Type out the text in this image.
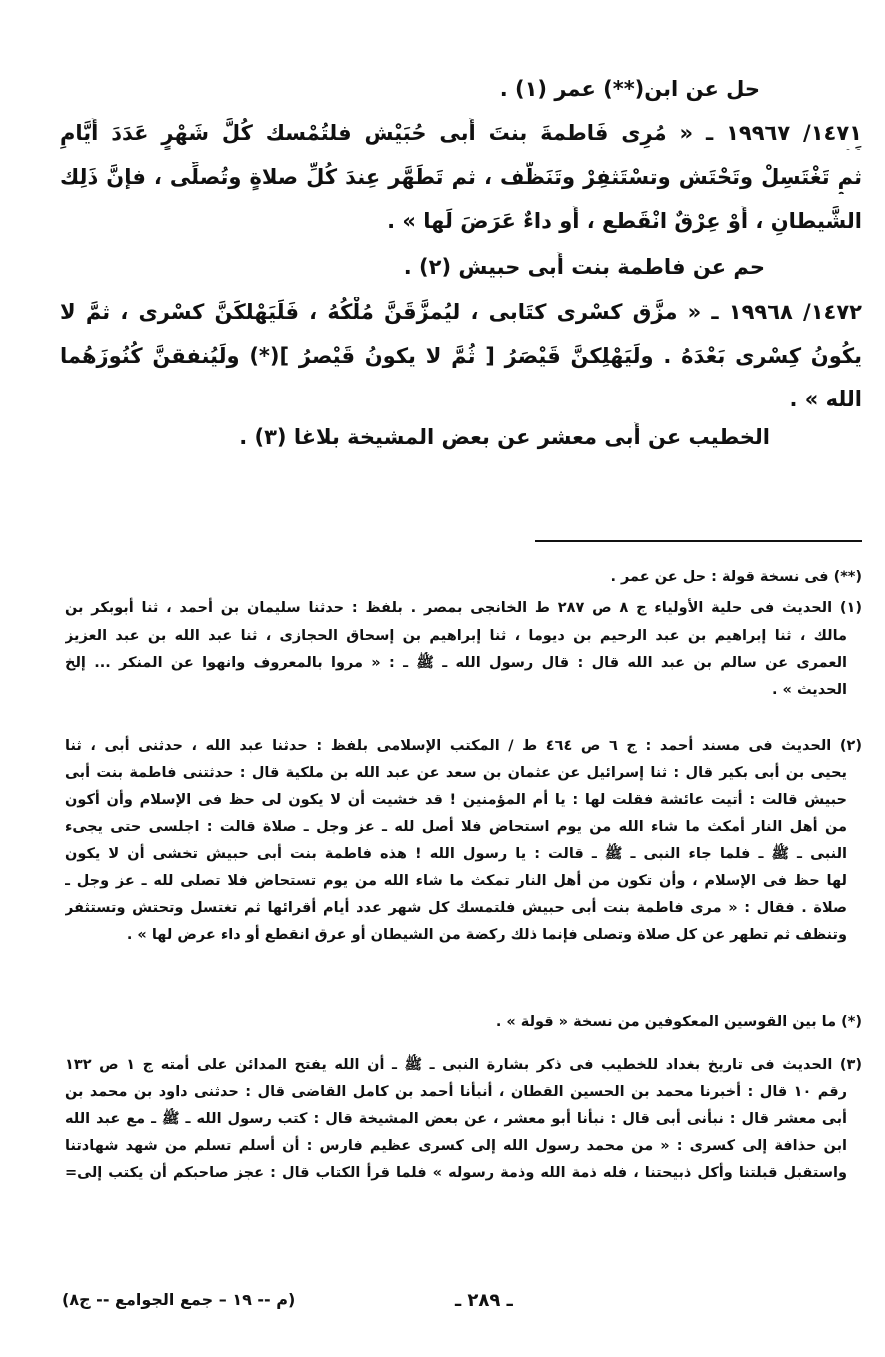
حل عن ابن(**) عمر (١) .
١٤٧١/ ١٩٩٦٧ ـ « مُرِى فَاطمةَ بنتَ أَبى حُبَيْش فلتُمْسك كُلَّ شَهْرٍ عَدَدَ أَيَّامِ
ثم تَغْتَسِلْ وتَحْتَش وتسْتَثفِرْ وتَنَظَّف ، ثم تَطَهَّر عِندَ كُلِّ صلاةٍ وتُصلِّى ، فإنَّ ذَلِك
الشَّيطانِ ، أَوْ عِرْقٌ انْقَطع ، أَو داءٌ عَرَضَ لَها » .
حم عن فاطمة بنت أَبى حبيش (٢) .
١٤٧٢/ ١٩٩٦٨ ـ « مزَّق كسْرى كتَابى ، ليُمزَّقَنَّ مُلْكُهُ ، فَلَيَهْلكَنَّ كسْرى ، ثمَّ لا
يكُونُ كِسْرى بَعْدَهُ . ولَيَهْلِكنَّ قَيْصَرُ [ ثُمَّ لا يكونُ قَيْصرُ ](*) ولَيُنفقنَّ كُنُوزَهُما
الله » .
الخطيب عن أَبى معشر عن بعض المشيخة بلاغا (٣) .
(**) فى نسخة قولة : حل عن عمر .
(١) الحديث فى حلية الأولياء ج ٨ ص ٢٨٧ ط الخانجى بمصر . بلفظ : حدثنا سليمان بن أحمد ، ثنا أبوبكر بن
مالك ، ثنا إبراهيم بن عبد الرحيم بن ديوما ، ثنا إبراهيم بن إسحاق الحجازى ، ثنا عبد الله بن عبد العزيز
العمرى عن سالم بن عبد الله قال : قال رسول الله ـ ﷺ ـ : « مروا بالمعروف وانهوا عن المنكر ... إلخ
الحديث » .
(٢) الحديث فى مسند أحمد : ج ٦ ص ٤٦٤ ط / المكتب الإسلامى بلفظ : حدثنا عبد الله ، حدثنى أبى ، ثنا
يحيى بن أبى بكير قال : ثنا إسرائيل عن عثمان بن سعد عن عبد الله بن ملكية قال : حدثتنى فاطمة بنت أبى
حبيش قالت : أتيت عائشة فقلت لها : يا أم المؤمنين ! قد خشيت أن لا يكون لى حظ فى الإسلام وأن أكون
من أهل النار أمكث ما شاء الله من يوم استحاض فلا أصل لله ـ عز وجل ـ صلاة قالت : اجلسى حتى يجىء
النبى ـ ﷺ ـ فلما جاء النبى ـ ﷺ ـ قالت : يا رسول الله ! هذه فاطمة بنت أبى حبيش تخشى أن لا يكون
لها حظ فى الإسلام ، وأن تكون من أهل النار تمكث ما شاء الله من يوم تستحاض فلا تصلى لله ـ عز وجل ـ
صلاة . فقال : « مرى فاطمة بنت أبى حبيش فلتمسك كل شهر عدد أيام أقرائها ثم تغتسل وتحتش وتستثفر
وتنظف ثم تطهر عن كل صلاة وتصلى فإنما ذلك ركضة من الشيطان أو عرق انقطع أو داء عرض لها » .
(*) ما بين القوسين المعكوفين من نسخة « قولة » .
(٣) الحديث فى تاريخ بغداد للخطيب فى ذكر بشارة النبى ـ ﷺ ـ أن الله يفتح المدائن على أمته ج ١ ص ١٣٢
رقم ١٠ قال : أخبرنا محمد بن الحسين القطان ، أنبأنا أحمد بن كامل القاضى قال : حدثنى داود بن محمد بن
أبى معشر قال : نبأنى أبى قال : نبأنا أبو معشر ، عن بعض المشيخة قال : كتب رسول الله ـ ﷺ ـ مع عبد الله
ابن حذافة إلى كسرى : « من محمد رسول الله إلى كسرى عظيم فارس : أن أسلم تسلم من شهد شهادتنا
واستقبل قبلتنا وأكل ذبيحتنا ، فله ذمة الله وذمة رسوله » فلما قرأ الكتاب قال : عجز صاحبكم أن يكتب إلى=
ـ ٢٨٩ ـ
(م -- ١٩ – جمع الجوامع -- ج٨)
